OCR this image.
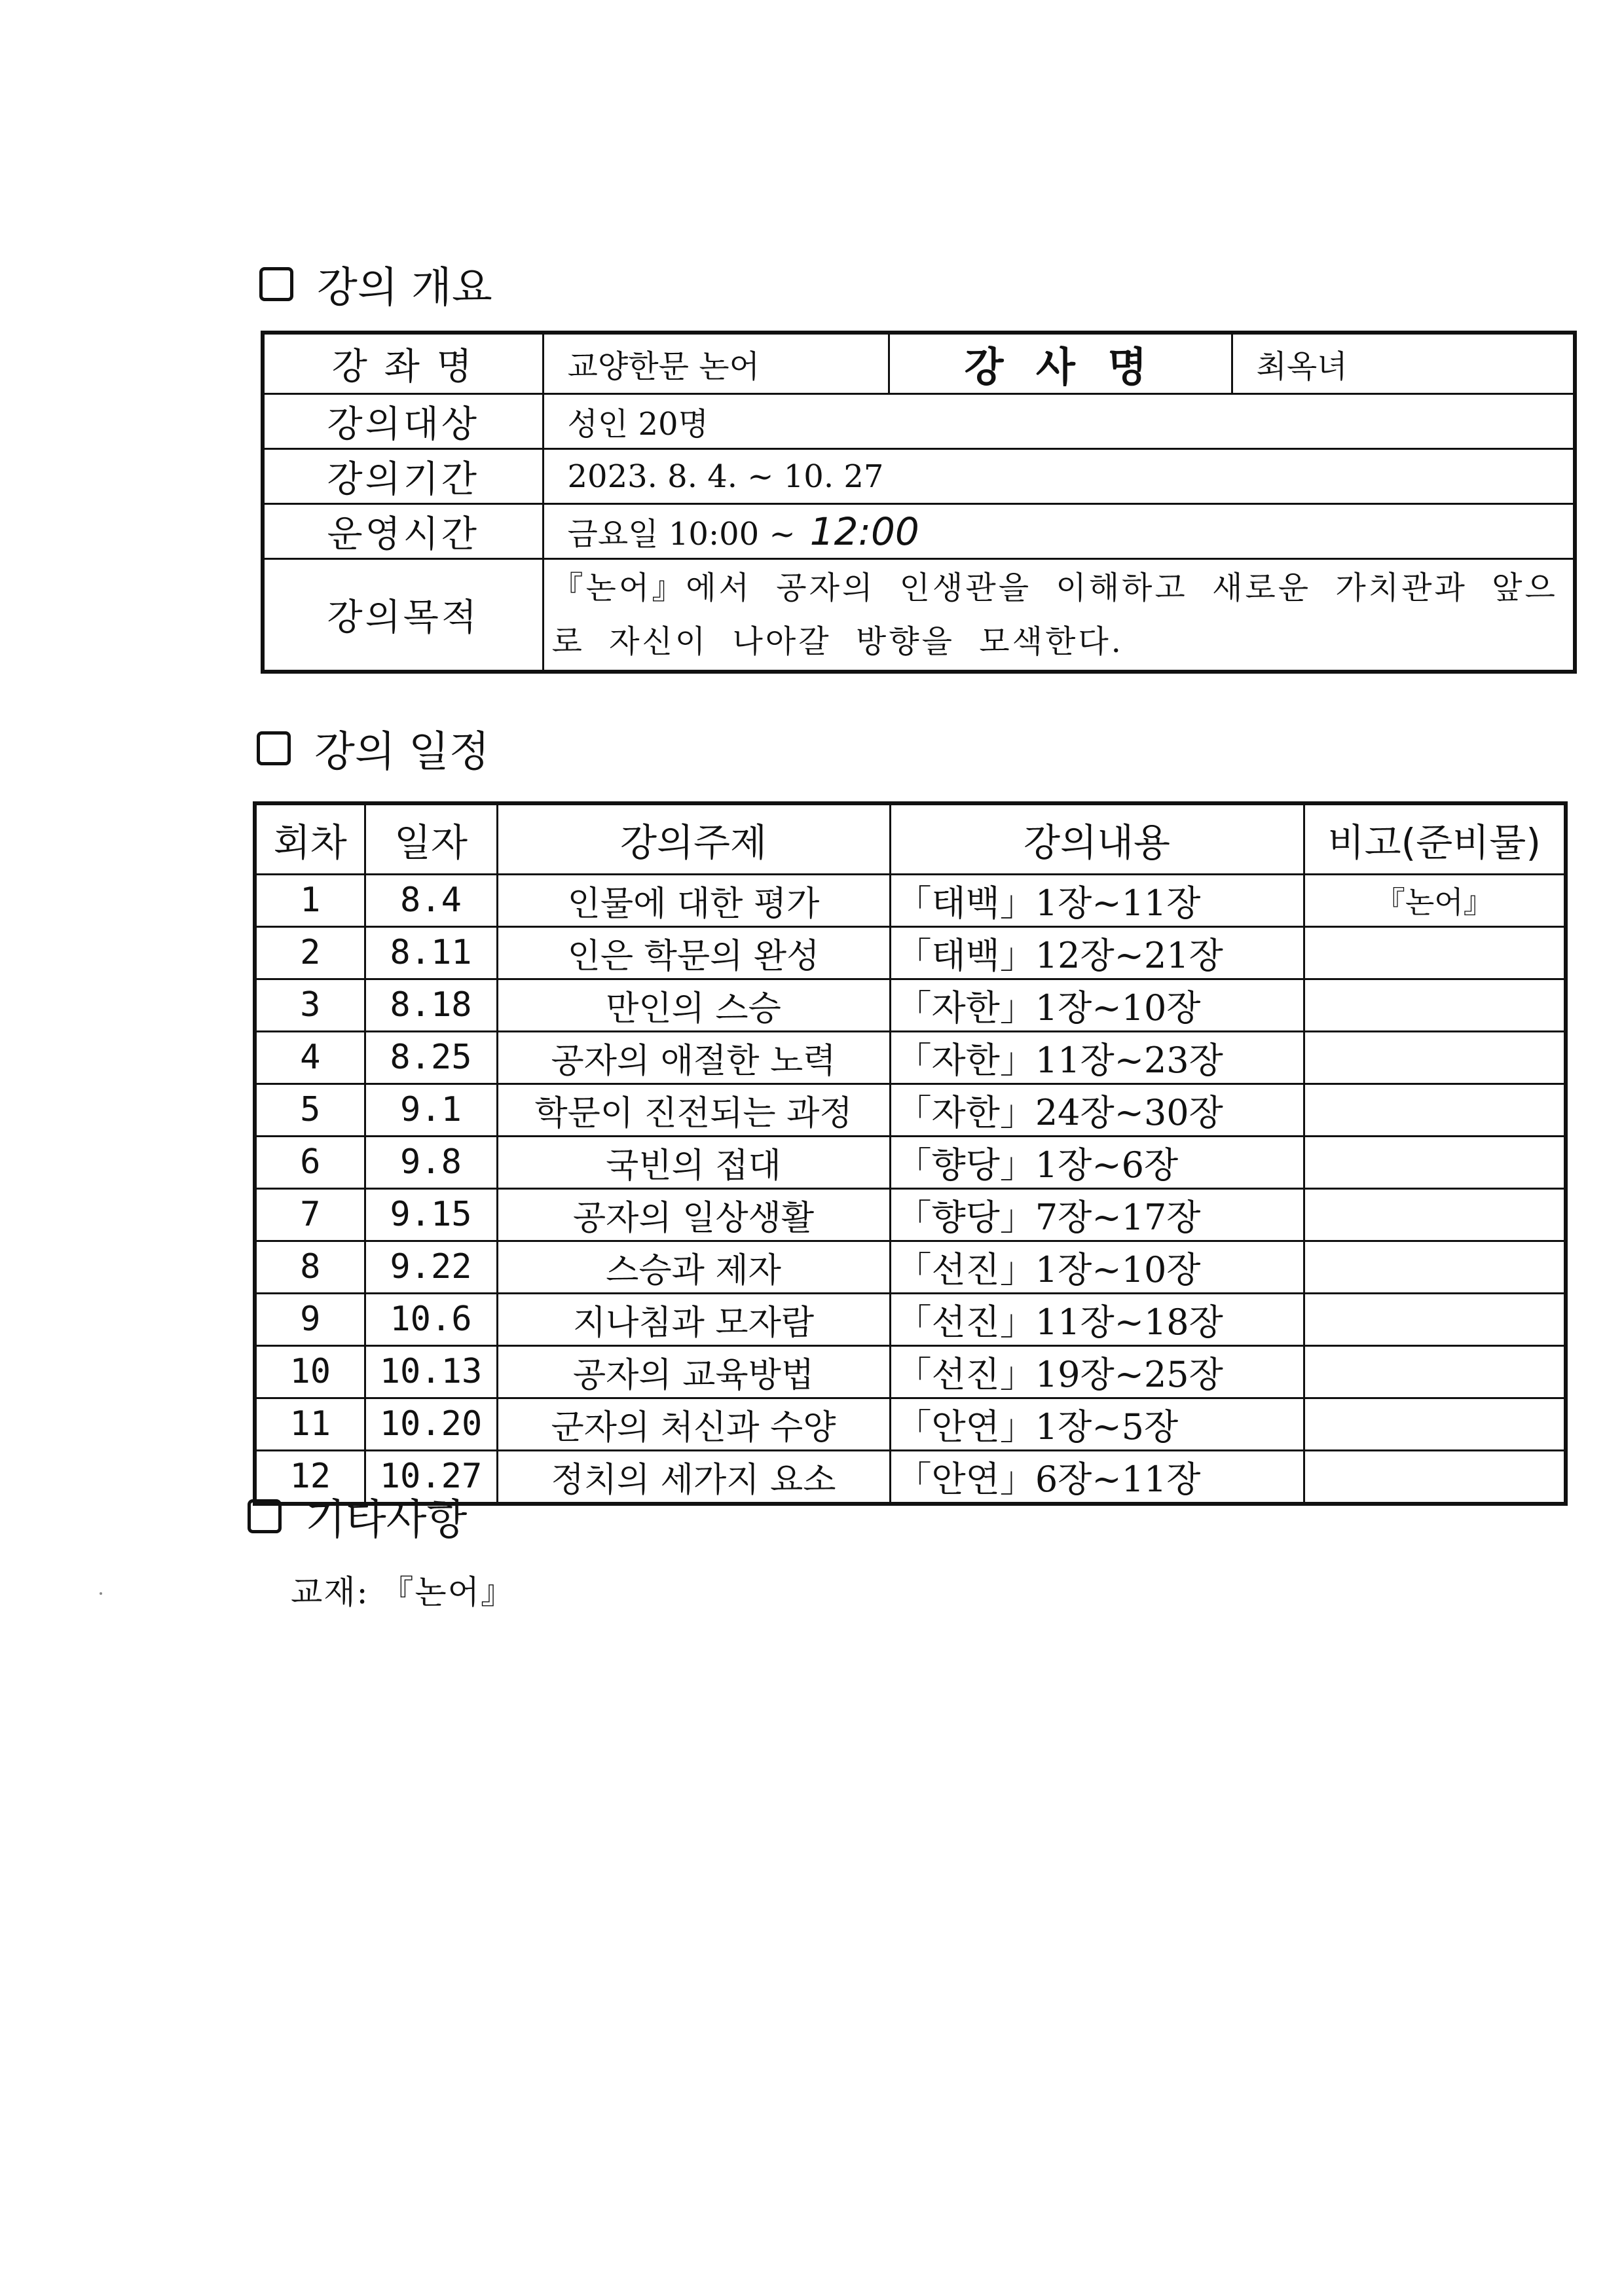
강의 개요
강 좌 명	교양한문 논어	강 사 명	최옥녀
강의대상	성인 20명		
강의기간	2023. 8. 4. ~ 10. 27		
운영시간	금요일 10:00 ~ 12:00		
강의목적	『논어』에서 공자의 인생관을 이해하고 새로운 가치관과 앞으로 자신이 나아갈 방향을 모색한다.		
강의 일정
회차	일자	강의주제	강의내용	비고(준비물)
1	8.4	인물에 대한 평가	「태백」1장~11장	『논어』
2	8.11	인은 학문의 완성	「태백」12장~21장	
3	8.18	만인의 스승	「자한」1장~10장	
4	8.25	공자의 애절한 노력	「자한」11장~23장	
5	9.1	학문이 진전되는 과정	「자한」24장~30장	
6	9.8	국빈의 접대	「향당」1장~6장	
7	9.15	공자의 일상생활	「향당」7장~17장	
8	9.22	스승과 제자	「선진」1장~10장	
9	10.6	지나침과 모자람	「선진」11장~18장	
10	10.13	공자의 교육방법	「선진」19장~25장	
11	10.20	군자의 처신과 수양	「안연」1장~5장	
12	10.27	정치의 세가지 요소	「안연」6장~11장	
기타사항
교재: 『논어』
